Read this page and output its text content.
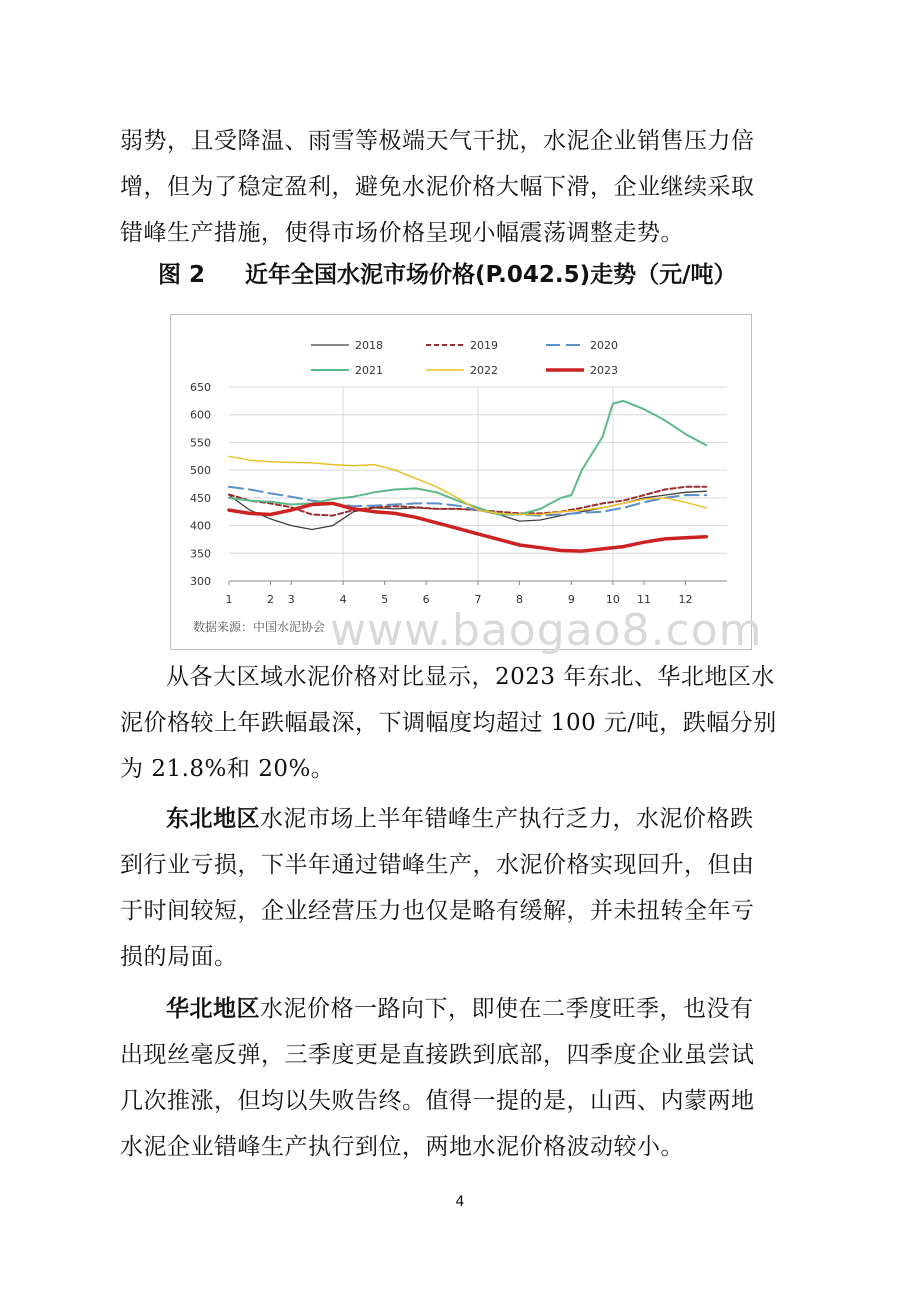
弱势，且受降温、雨雪等极端天气干扰，水泥企业销售压力倍
增，但为了稳定盈利，避免水泥价格大幅下滑，企业继续采取
错峰生产措施，使得市场价格呈现小幅震荡调整走势。
图 2 近年全国水泥市场价格(P.042.5)走势（元/吨）
300
350
400
450
500
550
600
650
1	2 3	4	5	6	7	8	9	10 11	12
2018	2019	2020
2021	2022	2023
数据来源：中国水泥协会 www.baogao8.com
从各大区域水泥价格对比显示，2023 年东北、华北地区水
泥价格较上年跌幅最深，下调幅度均超过 100 元/吨，跌幅分别
为 21.8%和 20%。
东北地区水泥市场上半年错峰生产执行乏力，水泥价格跌
到行业亏损，下半年通过错峰生产，水泥价格实现回升，但由
于时间较短，企业经营压力也仅是略有缓解，并未扭转全年亏
损的局面。
华北地区水泥价格一路向下，即使在二季度旺季，也没有
出现丝毫反弹，三季度更是直接跌到底部，四季度企业虽尝试
几次推涨，但均以失败告终。值得一提的是，山西、内蒙两地
水泥企业错峰生产执行到位，两地水泥价格波动较小。
4
